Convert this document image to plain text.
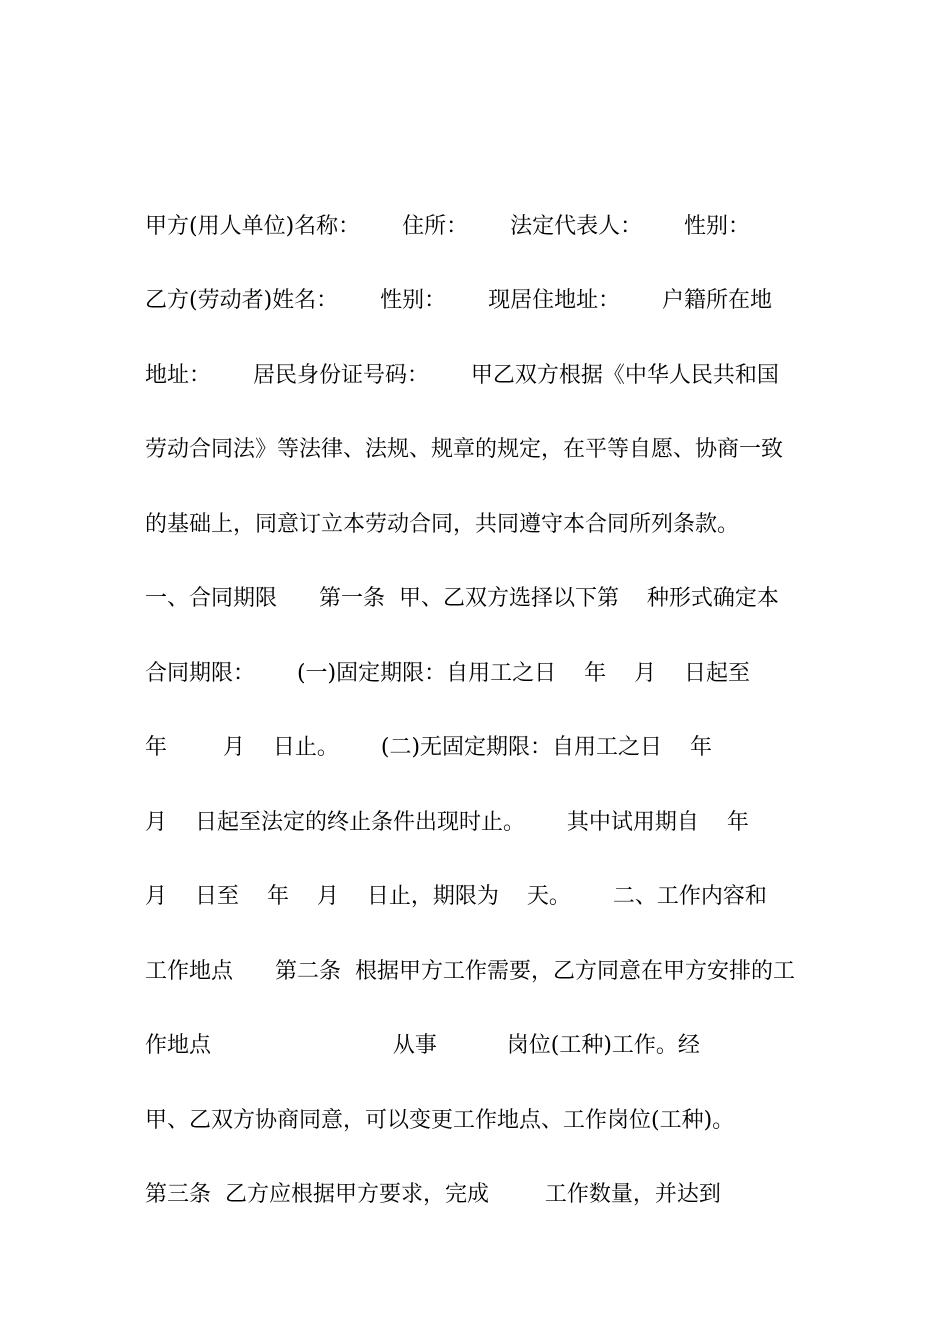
甲方(用人单位)名称：      住所：      法定代表人：      性别：
乙方(劳动者)姓名：      性别：      现居住地址：      户籍所在地
地址：      居民身份证号码：      甲乙双方根据《中华人民共和国
劳动合同法》等法律、法规、规章的规定，在平等自愿、协商一致
的基础上，同意订立本劳动合同，共同遵守本合同所列条款。
一、合同期限      第一条  甲、乙双方选择以下第    种形式确定本
合同期限：      (一)固定期限：自用工之日    年    月    日起至
年        月    日止。      (二)无固定期限：自用工之日    年
月    日起至法定的终止条件出现时止。      其中试用期自    年
月    日至    年    月    日止，期限为    天。      二、工作内容和
工作地点      第二条  根据甲方工作需要，乙方同意在甲方安排的工
作地点                          从事          岗位(工种)工作。经
甲、乙双方协商同意，可以变更工作地点、工作岗位(工种)。
第三条  乙方应根据甲方要求，完成        工作数量，并达到
